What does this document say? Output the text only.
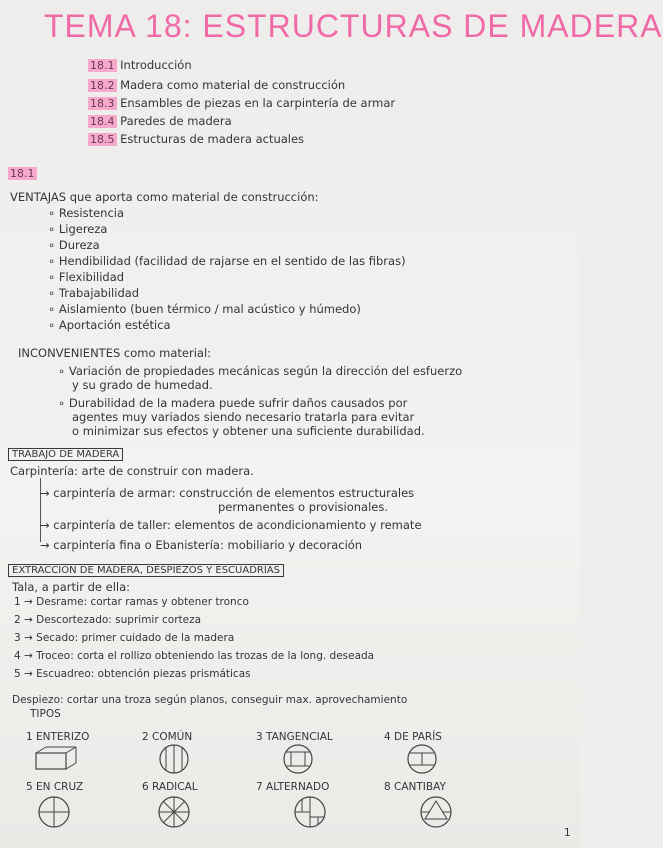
TEMA 18: ESTRUCTURAS DE MADERA
18.1 Introducción
18.2 Madera como material de construcción
18.3 Ensambles de piezas en la carpintería de armar
18.4 Paredes de madera
18.5 Estructuras de madera actuales
18.1
VENTAJAS que aporta como material de construcción:
∘ Resistencia
∘ Ligereza
∘ Dureza
∘ Hendibilidad (facilidad de rajarse en el sentido de las fibras)
∘ Flexibilidad
∘ Trabajabilidad
∘ Aislamiento (buen térmico / mal acústico y húmedo)
∘ Aportación estética
INCONVENIENTES como material:
∘ Variación de propiedades mecánicas según la dirección del esfuerzo
y su grado de humedad.
∘ Durabilidad de la madera puede sufrir daños causados por
agentes muy variados siendo necesario tratarla para evitar
o minimizar sus efectos y obtener una suficiente durabilidad.
TRABAJO DE MADERA
Carpintería: arte de construir con madera.
→ carpintería de armar: construcción de elementos estructurales
permanentes o provisionales.
→ carpintería de taller: elementos de acondicionamiento y remate
→ carpintería fina o Ebanistería: mobiliario y decoración
EXTRACCIÓN DE MADERA, DESPIEZOS Y ESCUADRÍAS
Tala, a partir de ella:
1 → Desrame: cortar ramas y obtener tronco
2 → Descortezado: suprimir corteza
3 → Secado: primer cuidado de la madera
4 → Troceo: corta el rollizo obteniendo las trozas de la long. deseada
5 → Escuadreo: obtención piezas prismáticas
Despiezo: cortar una troza según planos, conseguir max. aprovechamiento
TIPOS
1 ENTERIZO	2 COMÚN	3 TANGENCIAL	4 DE PARÍS
5 EN CRUZ	6 RADICAL	7 ALTERNADO	8 CANTIBAY
1
